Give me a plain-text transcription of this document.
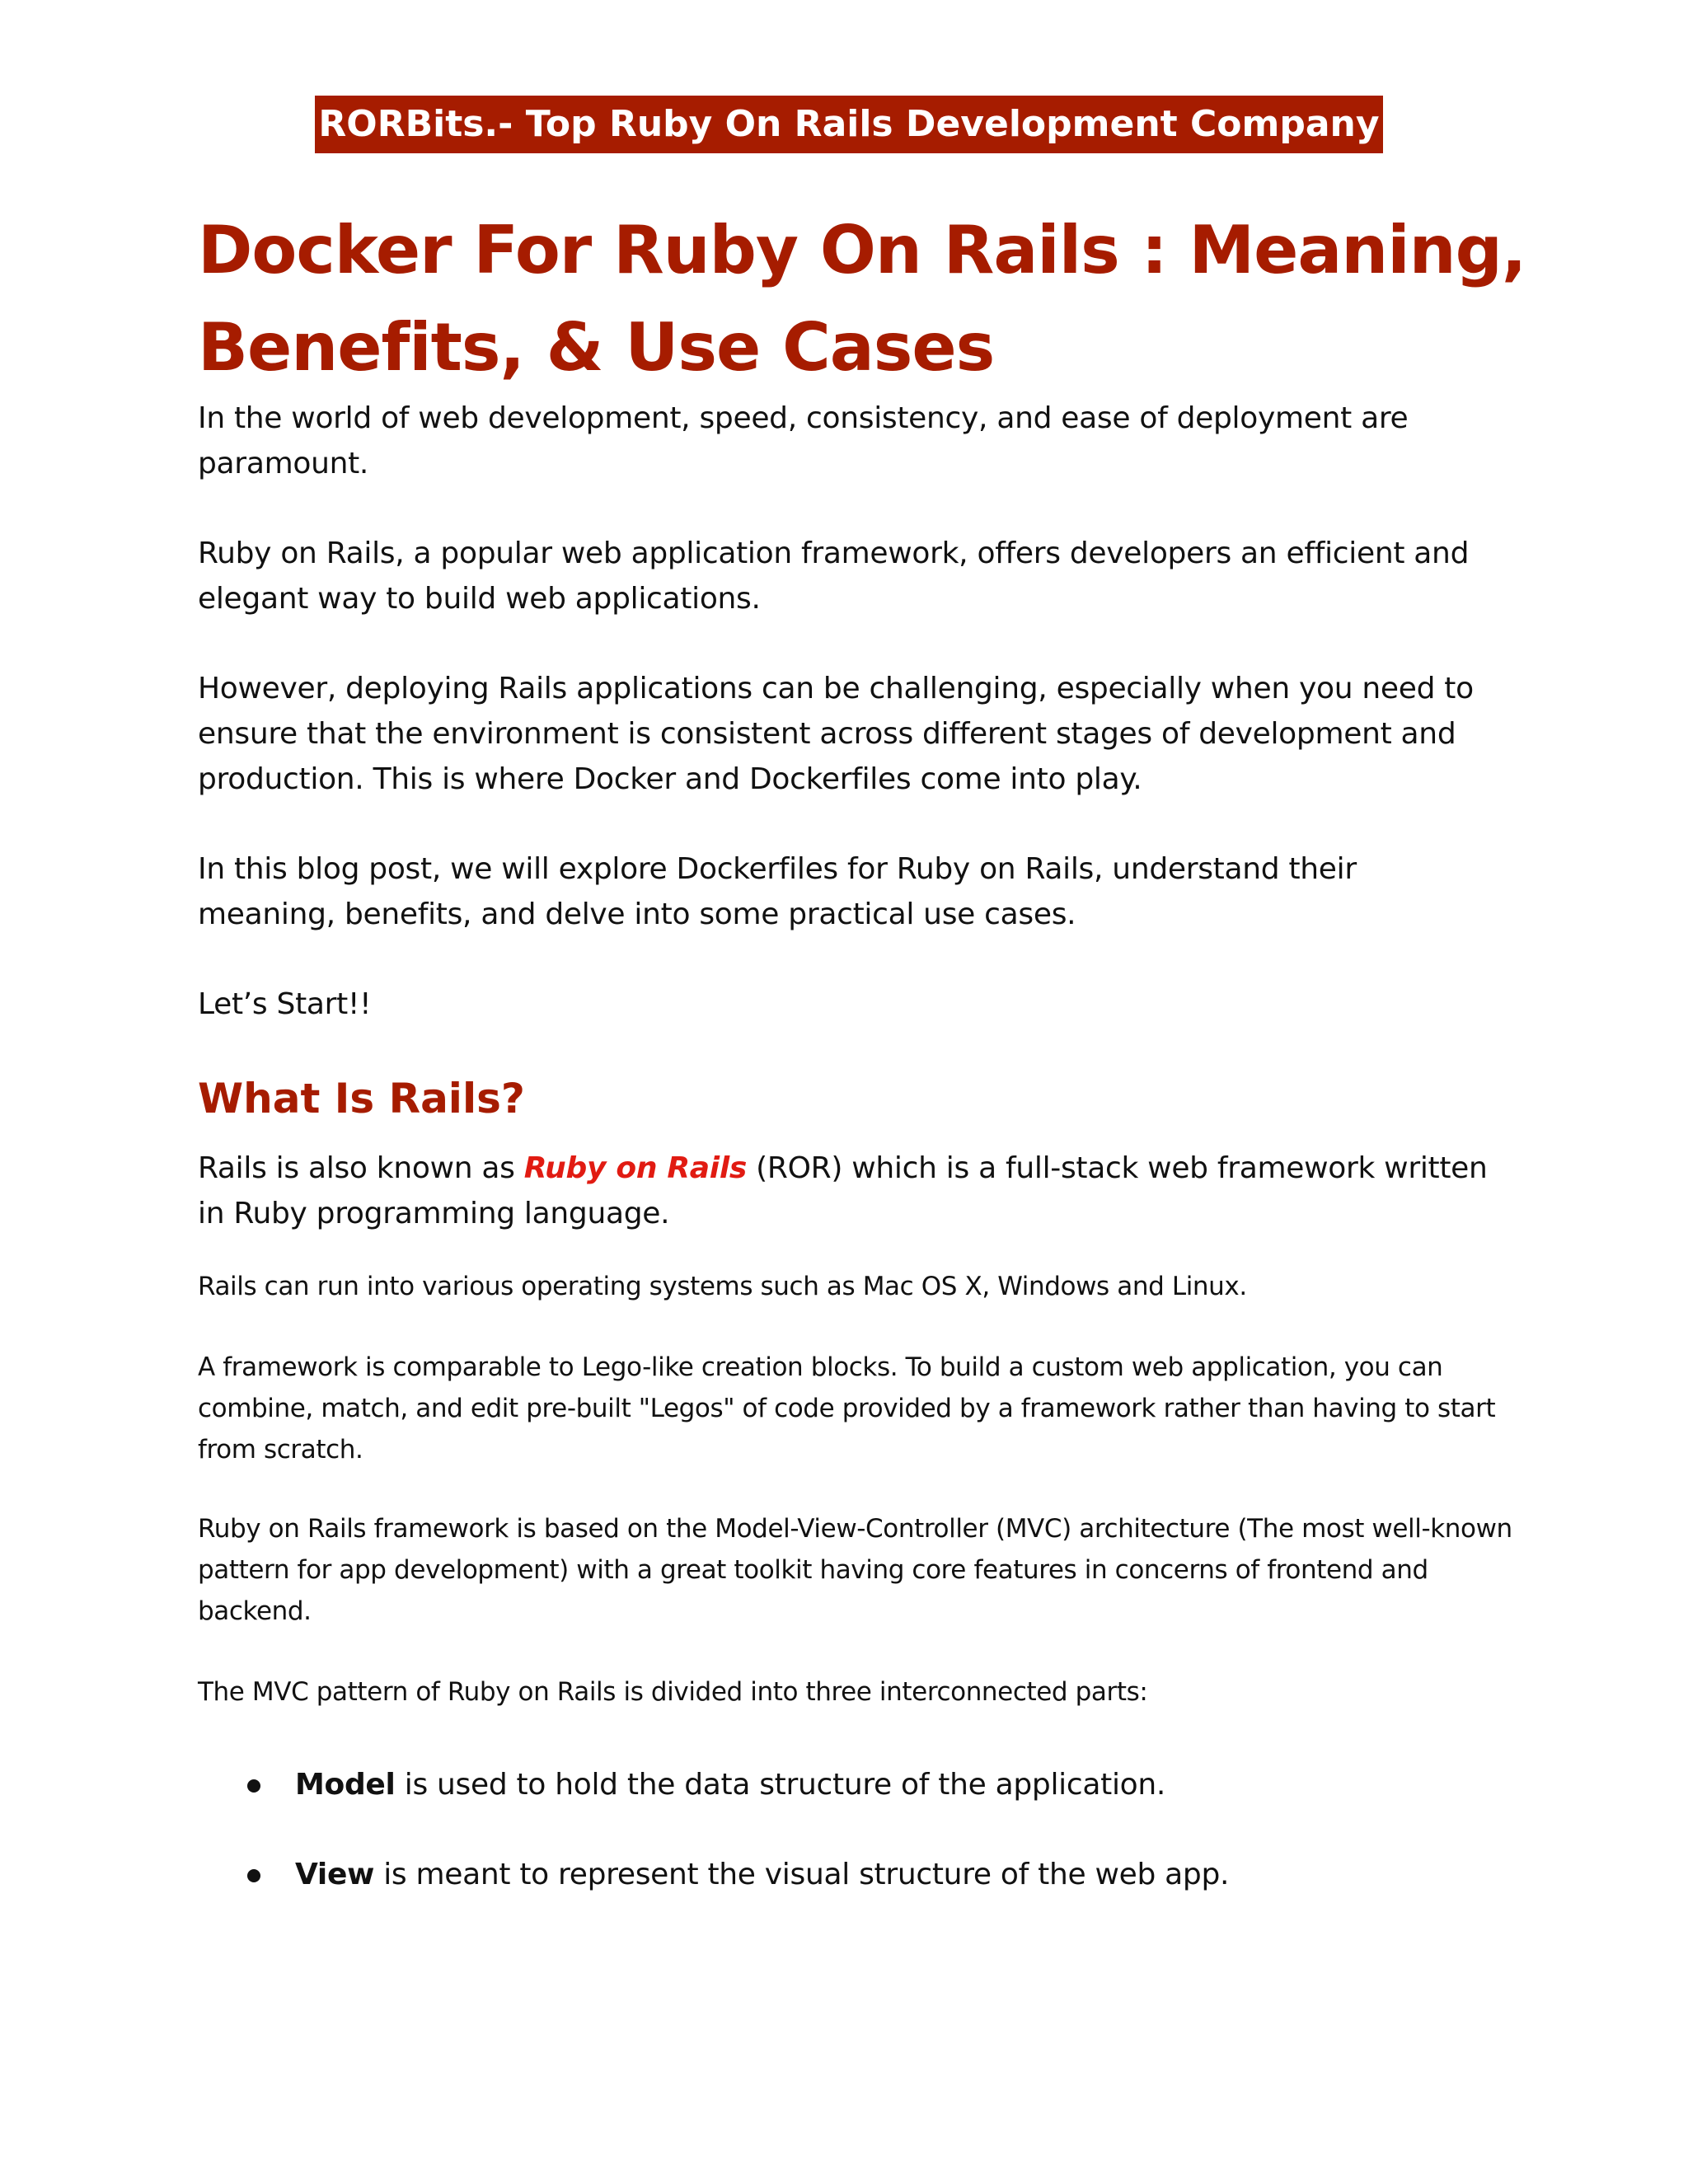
RORBits.- Top Ruby On Rails Development Company
Docker For Ruby On Rails : Meaning, Benefits, & Use Cases

In the world of web development, speed, consistency, and ease of deployment are paramount.

Ruby on Rails, a popular web application framework, offers developers an efficient and elegant way to build web applications.

However, deploying Rails applications can be challenging, especially when you need to ensure that the environment is consistent across different stages of development and production. This is where Docker and Dockerfiles come into play.

In this blog post, we will explore Dockerfiles for Ruby on Rails, understand their meaning, benefits, and delve into some practical use cases.

Let’s Start!!

What Is Rails?

Rails is also known as Ruby on Rails (ROR) which is a full-stack web framework written in Ruby programming language.

Rails can run into various operating systems such as Mac OS X, Windows and Linux.

A framework is comparable to Lego-like creation blocks. To build a custom web application, you can combine, match, and edit pre-built "Legos" of code provided by a framework rather than having to start from scratch.

Ruby on Rails framework is based on the Model-View-Controller (MVC) architecture (The most well-known pattern for app development) with a great toolkit having core features in concerns of frontend and backend.

The MVC pattern of Ruby on Rails is divided into three interconnected parts:

Model is used to hold the data structure of the application.
View is meant to represent the visual structure of the web app.
